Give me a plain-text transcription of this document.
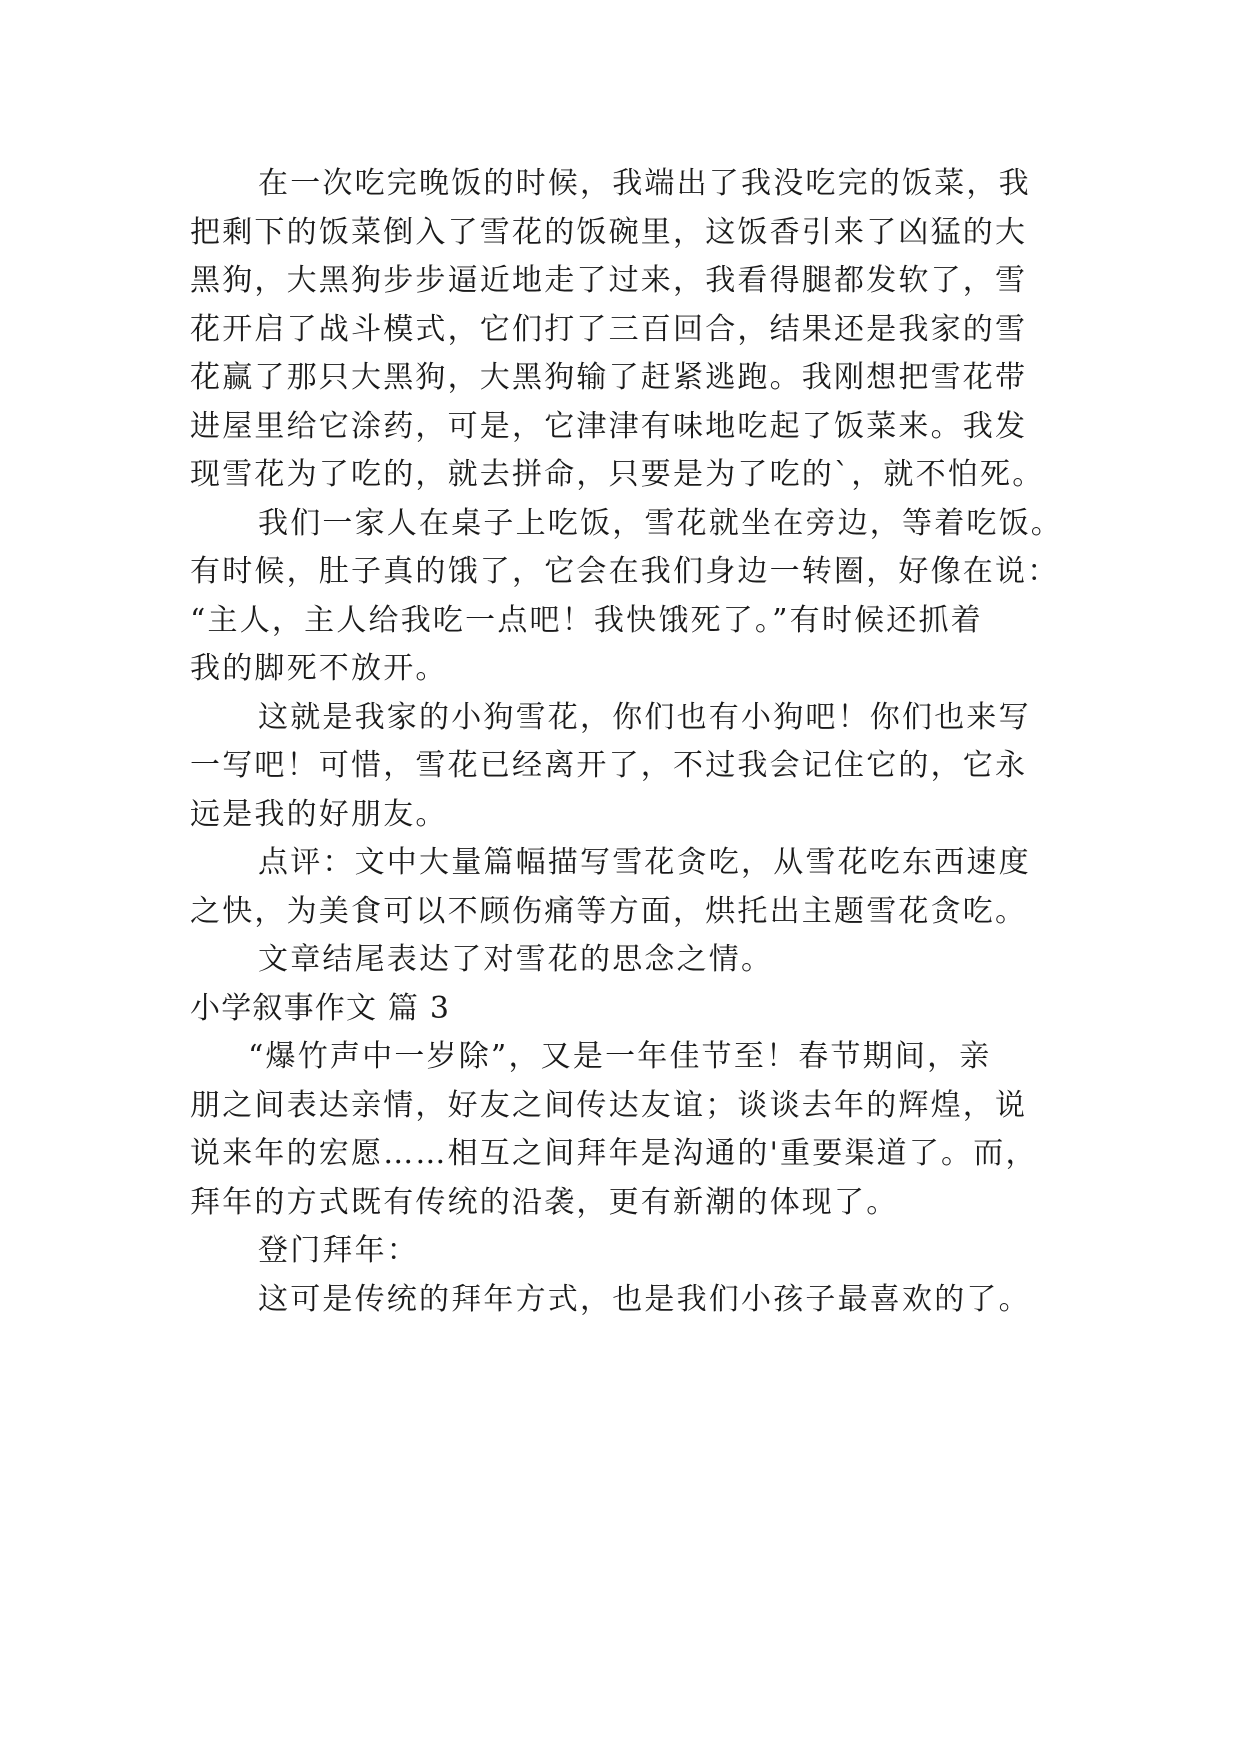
在一次吃完晚饭的时候，我端出了我没吃完的饭菜，我
把剩下的饭菜倒入了雪花的饭碗里，这饭香引来了凶猛的大
黑狗，大黑狗步步逼近地走了过来，我看得腿都发软了，雪
花开启了战斗模式，它们打了三百回合，结果还是我家的雪
花赢了那只大黑狗，大黑狗输了赶紧逃跑。我刚想把雪花带
进屋里给它涂药，可是，它津津有味地吃起了饭菜来。我发
现雪花为了吃的，就去拼命，只要是为了吃的`，就不怕死。
我们一家人在桌子上吃饭，雪花就坐在旁边，等着吃饭。
有时候，肚子真的饿了，它会在我们身边一转圈，好像在说：
“主人，主人给我吃一点吧！我快饿死了。”有时候还抓着
我的脚死不放开。
这就是我家的小狗雪花，你们也有小狗吧！你们也来写
一写吧！可惜，雪花已经离开了，不过我会记住它的，它永
远是我的好朋友。
点评：文中大量篇幅描写雪花贪吃，从雪花吃东西速度
之快，为美食可以不顾伤痛等方面，烘托出主题雪花贪吃。
文章结尾表达了对雪花的思念之情。
小学叙事作文 篇 3
“爆竹声中一岁除”，又是一年佳节至！春节期间，亲
朋之间表达亲情，好友之间传达友谊；谈谈去年的辉煌，说
说来年的宏愿……相互之间拜年是沟通的'重要渠道了。而，
拜年的方式既有传统的沿袭，更有新潮的体现了。
登门拜年：
这可是传统的拜年方式，也是我们小孩子最喜欢的了。
